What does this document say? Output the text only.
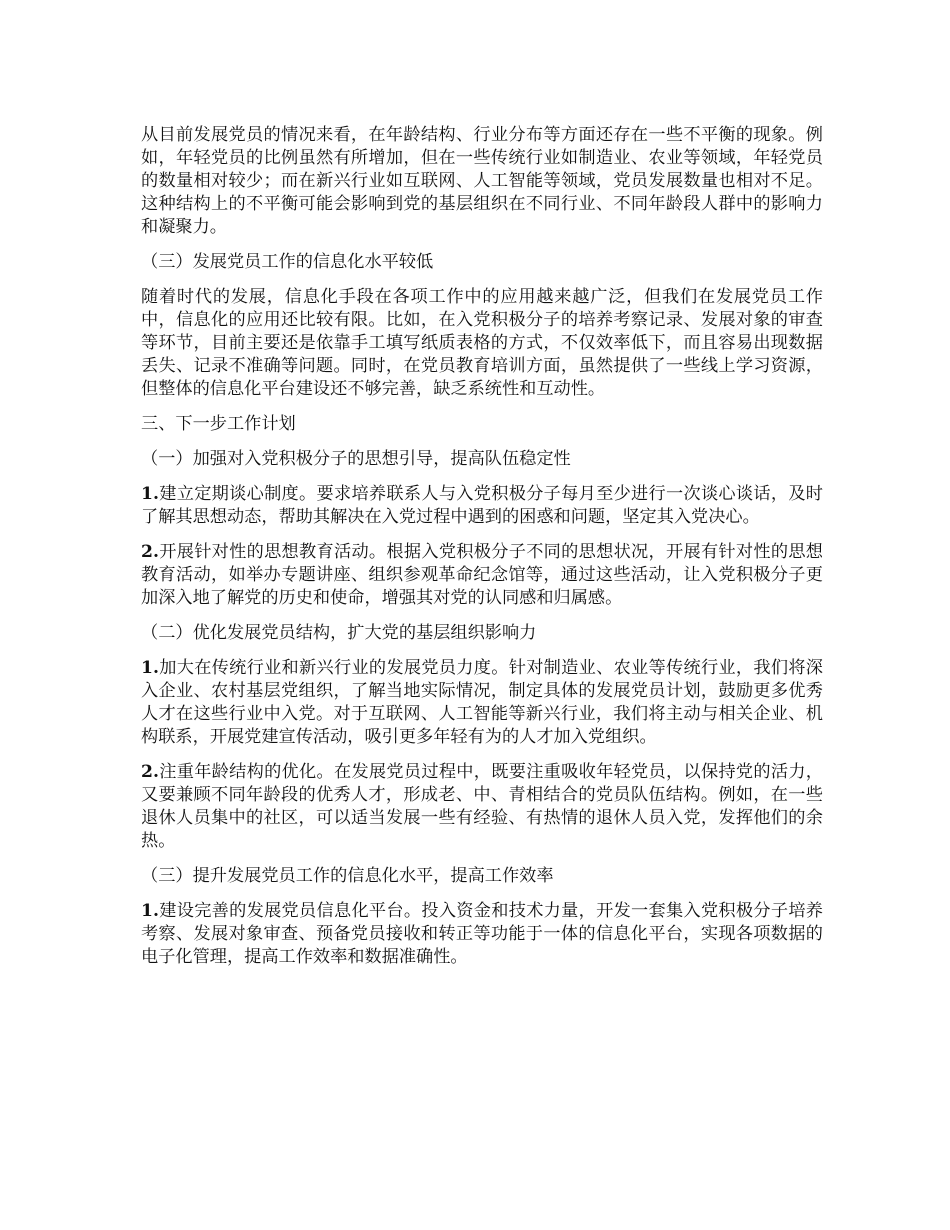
从目前发展党员的情况来看，在年龄结构、行业分布等方面还存在一些不平衡的现象。例如，年轻党员的比例虽然有所增加，但在一些传统行业如制造业、农业等领域，年轻党员的数量相对较少；而在新兴行业如互联网、人工智能等领域，党员发展数量也相对不足。这种结构上的不平衡可能会影响到党的基层组织在不同行业、不同年龄段人群中的影响力和凝聚力。

（三）发展党员工作的信息化水平较低

随着时代的发展，信息化手段在各项工作中的应用越来越广泛，但我们在发展党员工作中，信息化的应用还比较有限。比如，在入党积极分子的培养考察记录、发展对象的审查等环节，目前主要还是依靠手工填写纸质表格的方式，不仅效率低下，而且容易出现数据丢失、记录不准确等问题。同时，在党员教育培训方面，虽然提供了一些线上学习资源，但整体的信息化平台建设还不够完善，缺乏系统性和互动性。

三、下一步工作计划

（一）加强对入党积极分子的思想引导，提高队伍稳定性

1.建立定期谈心制度。要求培养联系人与入党积极分子每月至少进行一次谈心谈话，及时了解其思想动态，帮助其解决在入党过程中遇到的困惑和问题，坚定其入党决心。

2.开展针对性的思想教育活动。根据入党积极分子不同的思想状况，开展有针对性的思想教育活动，如举办专题讲座、组织参观革命纪念馆等，通过这些活动，让入党积极分子更加深入地了解党的历史和使命，增强其对党的认同感和归属感。

（二）优化发展党员结构，扩大党的基层组织影响力

1.加大在传统行业和新兴行业的发展党员力度。针对制造业、农业等传统行业，我们将深入企业、农村基层党组织，了解当地实际情况，制定具体的发展党员计划，鼓励更多优秀人才在这些行业中入党。对于互联网、人工智能等新兴行业，我们将主动与相关企业、机构联系，开展党建宣传活动，吸引更多年轻有为的人才加入党组织。

2.注重年龄结构的优化。在发展党员过程中，既要注重吸收年轻党员，以保持党的活力，又要兼顾不同年龄段的优秀人才，形成老、中、青相结合的党员队伍结构。例如，在一些退休人员集中的社区，可以适当发展一些有经验、有热情的退休人员入党，发挥他们的余热。

（三）提升发展党员工作的信息化水平，提高工作效率

1.建设完善的发展党员信息化平台。投入资金和技术力量，开发一套集入党积极分子培养考察、发展对象审查、预备党员接收和转正等功能于一体的信息化平台，实现各项数据的电子化管理，提高工作效率和数据准确性。
